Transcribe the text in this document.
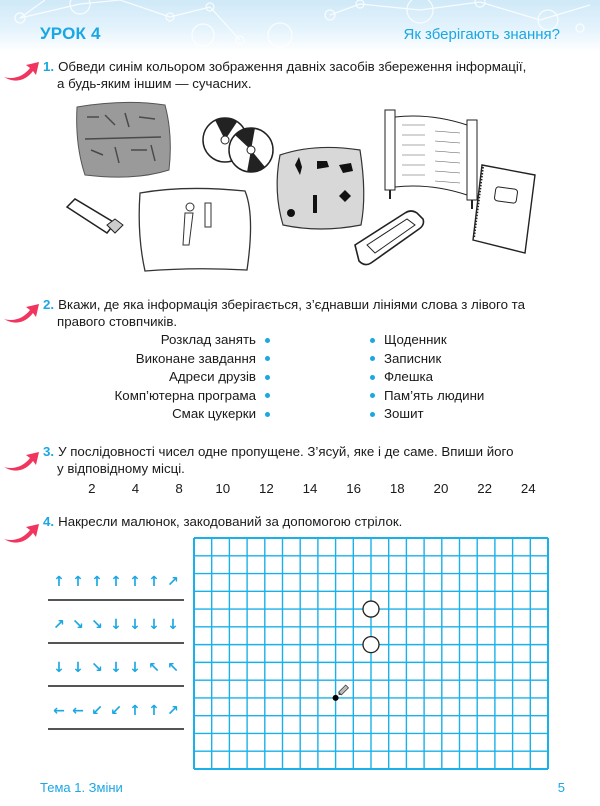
УРОК 4	Як зберігають знання?
1. Обведи синім кольором зображення давніх засобів збереження інформації,
а будь-яким іншим — сучасних.
2. Вкажи, де яка інформація зберігається, з’єднавши лініями слова з лівого та
правого стовпчиків.
Розклад занять
Виконане завдання
Адреси друзів
Комп’ютерна програма
Смак цукерки
Щоденник
Записник
Флешка
Пам’ять людини
Зошит
3. У послідовності чисел одне пропущене. З’ясуй, яке і де саме. Впиши його
у відповідному місці.
2	4	8	10	12	14	16	18	20	22	24
4. Накресли малюнок, закодований за допомогою стрілок.
↑ ↑ ↑ ↑ ↑ ↑ ↗
↗ ↘ ↘ ↓ ↓ ↓ ↓
↓ ↓ ↘ ↓ ↓ ↖ ↖
← ← ↙ ↙ ↑ ↑ ↗
Тема 1. Зміни	5
